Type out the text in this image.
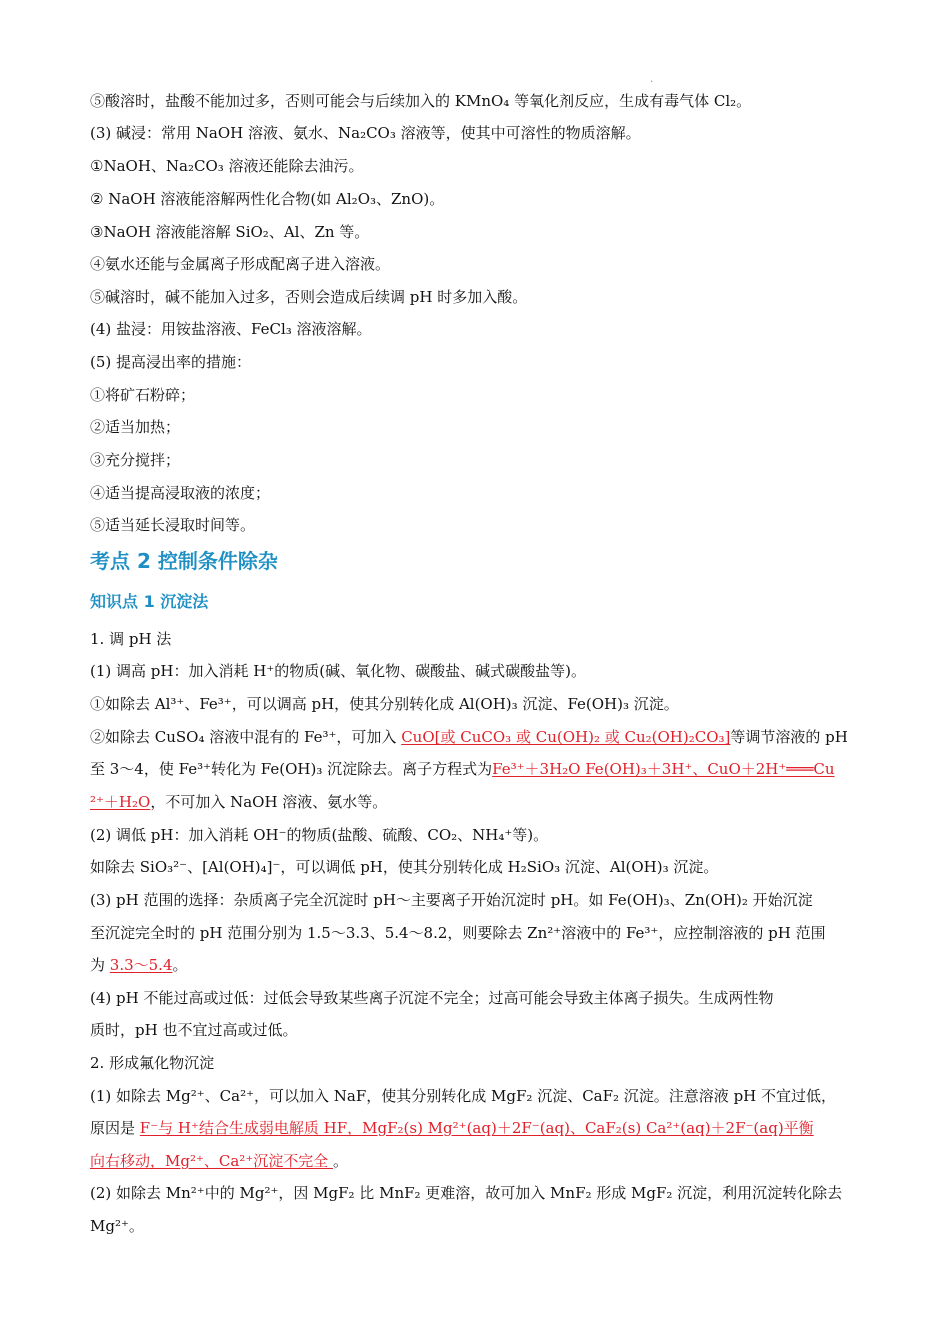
.
⑤酸溶时，盐酸不能加过多，否则可能会与后续加入的 KMnO₄ 等氧化剂反应，生成有毒气体 Cl₂。
(3) 碱浸：常用 NaOH 溶液、氨水、Na₂CO₃ 溶液等，使其中可溶性的物质溶解。
①NaOH、Na₂CO₃ 溶液还能除去油污。
② NaOH 溶液能溶解两性化合物(如 Al₂O₃、ZnO)。
③NaOH 溶液能溶解 SiO₂、Al、Zn 等。
④氨水还能与金属离子形成配离子进入溶液。
⑤碱溶时，碱不能加入过多，否则会造成后续调 pH 时多加入酸。
(4) 盐浸：用铵盐溶液、FeCl₃ 溶液溶解。
(5) 提高浸出率的措施：
①将矿石粉碎；
②适当加热；
③充分搅拌；
④适当提高浸取液的浓度；
⑤适当延长浸取时间等。
考点 2 控制条件除杂
知识点 1 沉淀法
1. 调 pH 法
(1) 调高 pH：加入消耗 H⁺的物质(碱、氧化物、碳酸盐、碱式碳酸盐等)。
①如除去 Al³⁺、Fe³⁺，可以调高 pH，使其分别转化成 Al(OH)₃ 沉淀、Fe(OH)₃ 沉淀。
②如除去 CuSO₄ 溶液中混有的 Fe³⁺，可加入 CuO[或 CuCO₃ 或 Cu(OH)₂ 或 Cu₂(OH)₂CO₃]等调节溶液的 pH
至 3～4，使 Fe³⁺转化为 Fe(OH)₃ 沉淀除去。离子方程式为Fe³⁺＋3H₂O Fe(OH)₃＋3H⁺、CuO＋2H⁺═══Cu
²⁺＋H₂O，不可加入 NaOH 溶液、氨水等。
(2) 调低 pH：加入消耗 OH⁻的物质(盐酸、硫酸、CO₂、NH₄⁺等)。
如除去 SiO₃²⁻、[Al(OH)₄]⁻，可以调低 pH，使其分别转化成 H₂SiO₃ 沉淀、Al(OH)₃ 沉淀。
(3) pH 范围的选择：杂质离子完全沉淀时 pH～主要离子开始沉淀时 pH。如 Fe(OH)₃、Zn(OH)₂ 开始沉淀
至沉淀完全时的 pH 范围分别为 1.5～3.3、5.4～8.2，则要除去 Zn²⁺溶液中的 Fe³⁺，应控制溶液的 pH 范围
为 3.3～5.4。
(4) pH 不能过高或过低：过低会导致某些离子沉淀不完全；过高可能会导致主体离子损失。生成两性物
质时，pH 也不宜过高或过低。
2. 形成氟化物沉淀
(1) 如除去 Mg²⁺、Ca²⁺，可以加入 NaF，使其分别转化成 MgF₂ 沉淀、CaF₂ 沉淀。注意溶液 pH 不宜过低，
原因是 F⁻与 H⁺结合生成弱电解质 HF，MgF₂(s) Mg²⁺(aq)＋2F⁻(aq)、CaF₂(s) Ca²⁺(aq)＋2F⁻(aq)平衡
向右移动，Mg²⁺、Ca²⁺沉淀不完全 。
(2) 如除去 Mn²⁺中的 Mg²⁺，因 MgF₂ 比 MnF₂ 更难溶，故可加入 MnF₂ 形成 MgF₂ 沉淀，利用沉淀转化除去
Mg²⁺。
